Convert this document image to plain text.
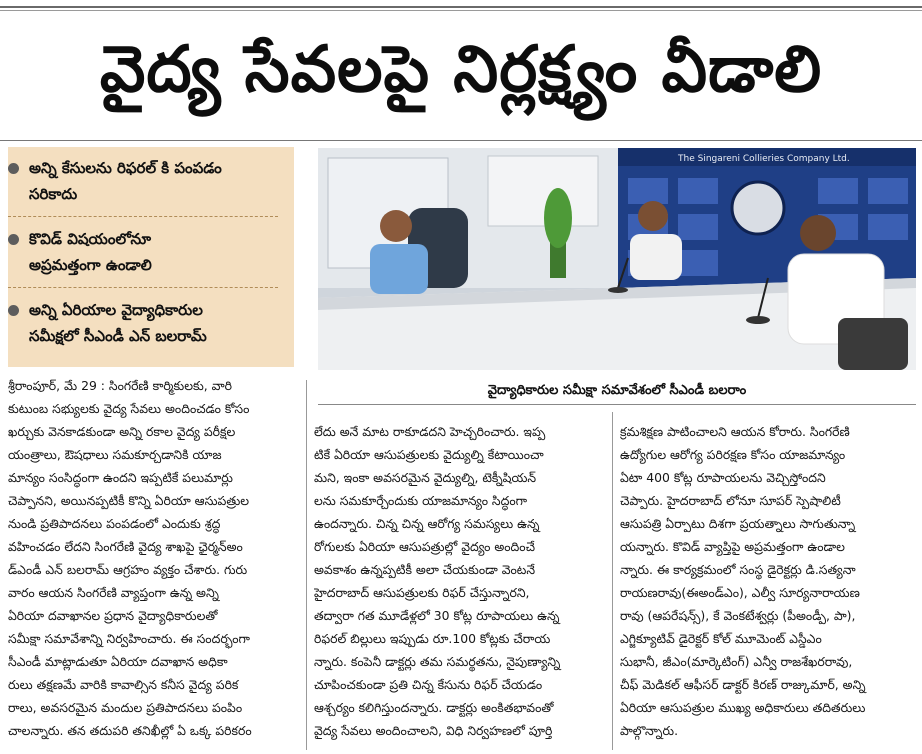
వైద్య సేవలపై నిర్లక్ష్యం వీడాలి
అన్ని కేసులను రిఫరల్ కి పంపడం
సరికాదు
కొవిడ్ విషయంలోనూ
అప్రమత్తంగా ఉండాలి
అన్ని ఏరియాల వైద్యాధికారుల
సమీక్షలో సీఎండీ ఎన్ బలరామ్
The Singareni Collieries Company Ltd.
వైద్యాధికారుల సమీక్షా సమావేశంలో సీఎండీ బలరాం

శ్రీరాంపూర్, మే 29 : సింగరేణి కార్మికులకు, వారి

కుటుంబ సభ్యులకు వైద్య సేవలు అందించడం కోసం

ఖర్చుకు వెనకాడకుండా అన్ని రకాల వైద్య పరీక్షల

యంత్రాలు, ఔషధాలు సమకూర్చడానికి యాజ

మాన్యం సంసిద్ధంగా ఉందని ఇప్పటికే పలుమార్లు

చెప్పానని, అయినప్పటికీ కొన్ని ఏరియా ఆసుపత్రుల

నుండి ప్రతిపాదనలు పంపడంలో ఎందుకు శ్రద్ధ

వహించడం లేదని సింగరేణి వైద్య శాఖపై ఛైర్మన్అం

డ్ఎండీ ఎన్ బలరామ్ ఆగ్రహం వ్యక్తం చేశారు. గురు

వారం ఆయన సింగరేణి వ్యాప్తంగా ఉన్న అన్ని

ఏరియా దవాఖానల ప్రధాన వైద్యాధికారులతో

సమీక్షా సమావేశాన్ని నిర్వహించారు. ఈ సందర్భంగా

సీఎండీ మాట్లాడుతూ ఏరియా దవాఖాన అధికా

రులు తక్షణమే వారికి కావాల్సిన కనీస వైద్య పరిక

రాలు, అవసరమైన మందుల ప్రతిపాదనలు పంపిం

చాలన్నారు. తన తదుపరి తనిఖీల్లో ఏ ఒక్క పరికరం

లేదు అనే మాట రాకూడదని హెచ్చరించారు. ఇప్ప

టికే ఏరియా ఆసుపత్రులకు వైద్యుల్ని కేటాయించా

మని, ఇంకా అవసరమైన వైద్యుల్ని, టెక్నీషియన్

లను సమకూర్చేందుకు యాజమాన్యం సిద్ధంగా

ఉందన్నారు. చిన్న చిన్న ఆరోగ్య సమస్యలు ఉన్న

రోగులకు ఏరియా ఆసుపత్రుల్లో వైద్యం అందించే

అవకాశం ఉన్నప్పటికీ అలా చేయకుండా వెంటనే

హైదరాబాద్ ఆసుపత్రులకు రిఫర్ చేస్తున్నారని,

తద్వారా గత మూడేళ్లలో 30 కోట్ల రూపాయలు ఉన్న

రిఫరల్ బిల్లులు ఇప్పుడు రూ.100 కోట్లకు చేరాయ

న్నారు. కంపెనీ డాక్టర్లు తమ సమర్థతను, నైపుణ్యాన్ని

చూపించకుండా ప్రతి చిన్న కేసును రిఫర్ చేయడం

ఆశ్చర్యం కలిగిస్తుందన్నారు. డాక్టర్లు అంకితభావంతో

వైద్య సేవలు అందించాలని, విధి నిర్వహణలో పూర్తి

క్రమశిక్షణ పాటించాలని ఆయన కోరారు. సింగరేణి

ఉద్యోగుల ఆరోగ్య పరిరక్షణ కోసం యాజమాన్యం

ఏటా 400 కోట్ల రూపాయలను వెచ్చిస్తోందని

చెప్పారు. హైదరాబాద్ లోనూ సూపర్ స్పెషాలిటీ

ఆసుపత్రి ఏర్పాటు దిశగా ప్రయత్నాలు సాగుతున్నా

యన్నారు. కొవిడ్ వ్యాప్తిపై అప్రమత్తంగా ఉండాల

న్నారు. ఈ కార్యక్రమంలో సంస్థ డైరెక్టర్లు డి.సత్యనా

రాయణరావు(ఈఅండ్ఎం), ఎల్వీ సూర్యనారాయణ

రావు (ఆపరేషన్స్), కే వెంకటేశ్వర్లు (పీఅండ్పీ, పా),

ఎగ్జిక్యూటివ్ డైరెక్టర్ కోల్ మూమెంట్ ఎస్డీఎం

సుభానీ, జీఎం(మార్కెటింగ్) ఎన్వీ రాజశేఖరరావు,

చీఫ్ మెడికల్ ఆఫీసర్ డాక్టర్ కిరణ్ రాజ్కుమార్, అన్ని

ఏరియా ఆసుపత్రుల ముఖ్య అధికారులు తదితరులు

పాల్గొన్నారు.
